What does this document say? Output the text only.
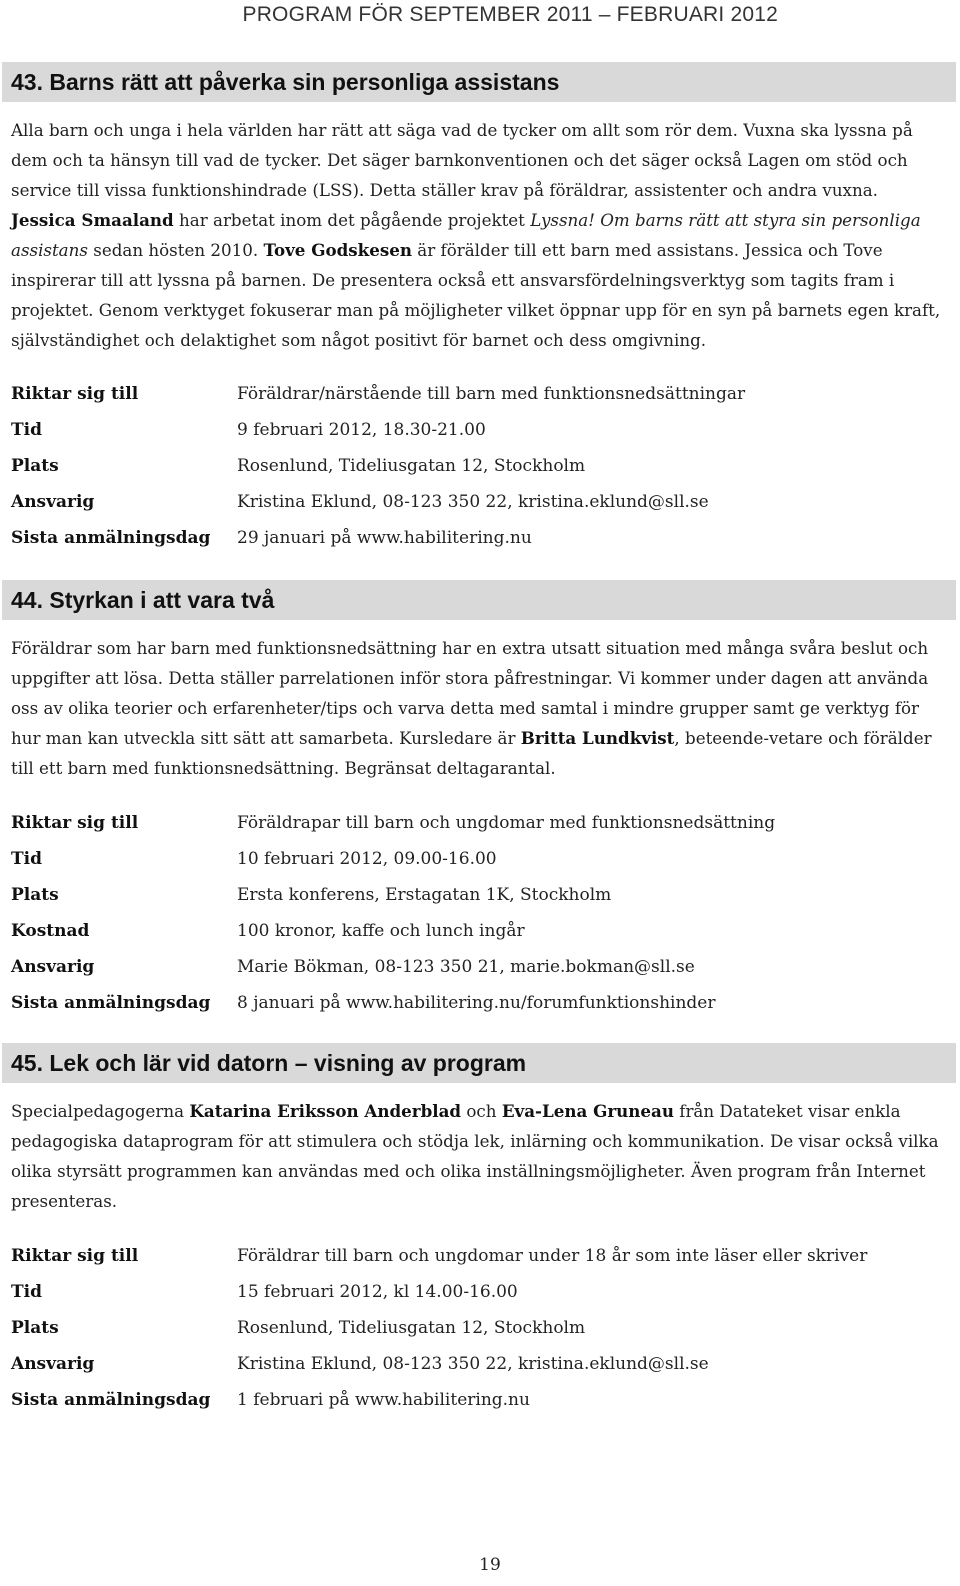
PROGRAM FÖR SEPTEMBER 2011 – FEBRUARI 2012
43. Barns rätt att påverka sin personliga assistans
Alla barn och unga i hela världen har rätt att säga vad de tycker om allt som rör dem. Vuxna ska lyssna på dem och ta hänsyn till vad de tycker. Det säger barnkonventionen och det säger också Lagen om stöd och service till vissa funktionshindrade (LSS). Detta ställer krav på föräldrar, assistenter och andra vuxna. Jessica Smaaland har arbetat inom det pågående projektet Lyssna! Om barns rätt att styra sin personliga assistans sedan hösten 2010. Tove Godskesen är förälder till ett barn med assistans. Jessica och Tove inspirerar till att lyssna på barnen. De presentera också ett ansvarsfördelningsverktyg som tagits fram i projektet. Genom verktyget fokuserar man på möjligheter vilket öppnar upp för en syn på barnets egen kraft, självständighet och delaktighet som något positivt för barnet och dess omgivning.
Riktar sig till	Föräldrar/närstående till barn med funktionsnedsättningar
Tid	9 februari 2012, 18.30-21.00
Plats	Rosenlund, Tideliusgatan 12, Stockholm
Ansvarig	Kristina Eklund, 08-123 350 22, kristina.eklund@sll.se
Sista anmälningsdag	29 januari på www.habilitering.nu
44. Styrkan i att vara två
Föräldrar som har barn med funktionsnedsättning har en extra utsatt situation med många svåra beslut och uppgifter att lösa. Detta ställer parrelationen inför stora påfrestningar. Vi kommer under dagen att använda oss av olika teorier och erfarenheter/tips och varva detta med samtal i mindre grupper samt ge verktyg för hur man kan utveckla sitt sätt att samarbeta. Kursledare är Britta Lundkvist, beteende-vetare och förälder till ett barn med funktionsnedsättning. Begränsat deltagarantal.
Riktar sig till	Föräldrapar till barn och ungdomar med funktionsnedsättning
Tid	10 februari 2012, 09.00-16.00
Plats	Ersta konferens, Erstagatan 1K, Stockholm
Kostnad	100 kronor, kaffe och lunch ingår
Ansvarig	Marie Bökman, 08-123 350 21, marie.bokman@sll.se
Sista anmälningsdag	8 januari på www.habilitering.nu/forumfunktionshinder
45. Lek och lär vid datorn – visning av program
Specialpedagogerna Katarina Eriksson Anderblad och Eva-Lena Gruneau från Datateket visar enkla pedagogiska dataprogram för att stimulera och stödja lek, inlärning och kommunikation. De visar också vilka olika styrsätt programmen kan användas med och olika inställningsmöjligheter. Även program från Internet presenteras.
Riktar sig till	Föräldrar till barn och ungdomar under 18 år som inte läser eller skriver
Tid	15 februari 2012, kl 14.00-16.00
Plats	Rosenlund, Tideliusgatan 12, Stockholm
Ansvarig	Kristina Eklund, 08-123 350 22, kristina.eklund@sll.se
Sista anmälningsdag	1 februari på www.habilitering.nu
19
